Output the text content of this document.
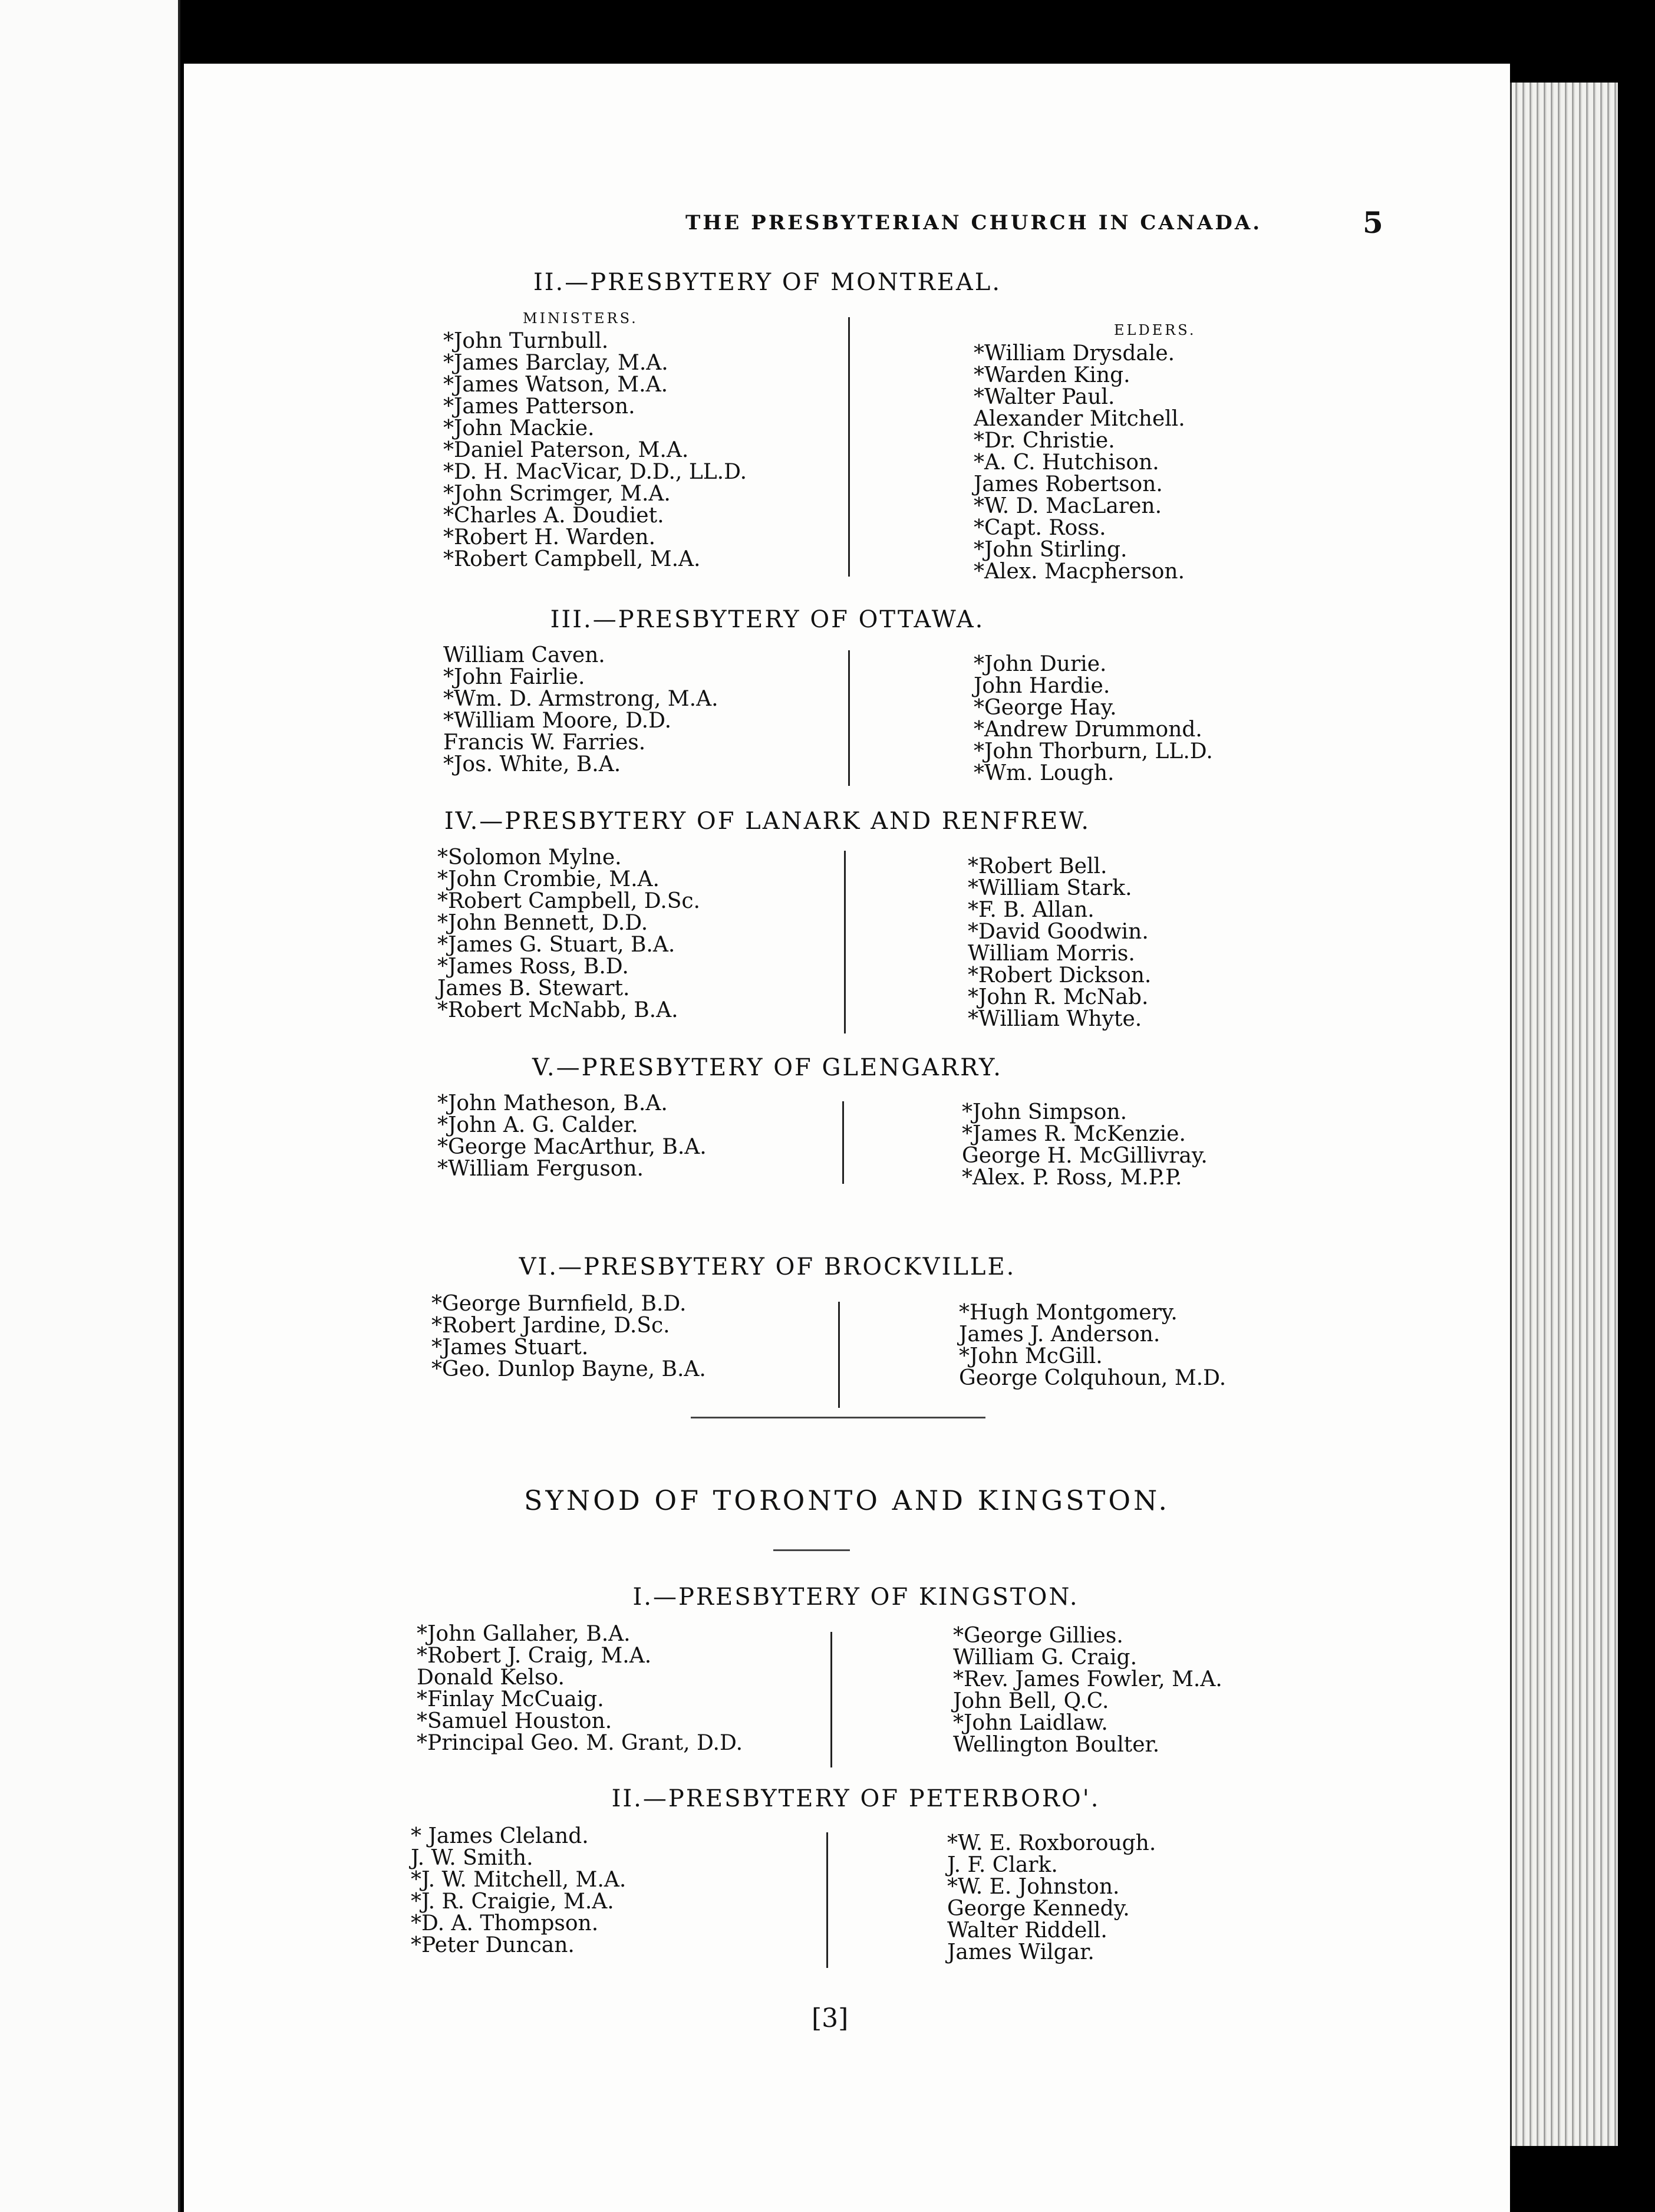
THE PRESBYTERIAN CHURCH IN CANADA.	5
II.—PRESBYTERY OF MONTREAL.
MINISTERS.
ELDERS.
*John Turnbull.
*James Barclay, M.A.
*James Watson, M.A.
*James Patterson.
*John Mackie.
*Daniel Paterson, M.A.
*D. H. MacVicar, D.D., LL.D.
*John Scrimger, M.A.
*Charles A. Doudiet.
*Robert H. Warden.
*Robert Campbell, M.A.
*William Drysdale.
*Warden King.
*Walter Paul.
Alexander Mitchell.
*Dr. Christie.
*A. C. Hutchison.
James Robertson.
*W. D. MacLaren.
*Capt. Ross.
*John Stirling.
*Alex. Macpherson.
III.—PRESBYTERY OF OTTAWA.
William Caven.
*John Fairlie.
*Wm. D. Armstrong, M.A.
*William Moore, D.D.
Francis W. Farries.
*Jos. White, B.A.
*John Durie.
John Hardie.
*George Hay.
*Andrew Drummond.
*John Thorburn, LL.D.
*Wm. Lough.
IV.—PRESBYTERY OF LANARK AND RENFREW.
*Solomon Mylne.
*John Crombie, M.A.
*Robert Campbell, D.Sc.
*John Bennett, D.D.
*James G. Stuart, B.A.
*James Ross, B.D.
James B. Stewart.
*Robert McNabb, B.A.
*Robert Bell.
*William Stark.
*F. B. Allan.
*David Goodwin.
William Morris.
*Robert Dickson.
*John R. McNab.
*William Whyte.
V.—PRESBYTERY OF GLENGARRY.
*John Matheson, B.A.
*John A. G. Calder.
*George MacArthur, B.A.
*William Ferguson.
*John Simpson.
*James R. McKenzie.
George H. McGillivray.
*Alex. P. Ross, M.P.P.
VI.—PRESBYTERY OF BROCKVILLE.
*George Burnfield, B.D.
*Robert Jardine, D.Sc.
*James Stuart.
*Geo. Dunlop Bayne, B.A.
*Hugh Montgomery.
James J. Anderson.
*John McGill.
George Colquhoun, M.D.
SYNOD OF TORONTO AND KINGSTON.
I.—PRESBYTERY OF KINGSTON.
*John Gallaher, B.A.
*Robert J. Craig, M.A.
Donald Kelso.
*Finlay McCuaig.
*Samuel Houston.
*Principal Geo. M. Grant, D.D.
*George Gillies.
William G. Craig.
*Rev. James Fowler, M.A.
John Bell, Q.C.
*John Laidlaw.
Wellington Boulter.
II.—PRESBYTERY OF PETERBORO'.
* James Cleland.
J. W. Smith.
*J. W. Mitchell, M.A.
*J. R. Craigie, M.A.
*D. A. Thompson.
*Peter Duncan.
*W. E. Roxborough.
J. F. Clark.
*W. E. Johnston.
George Kennedy.
Walter Riddell.
James Wilgar.
[3]
